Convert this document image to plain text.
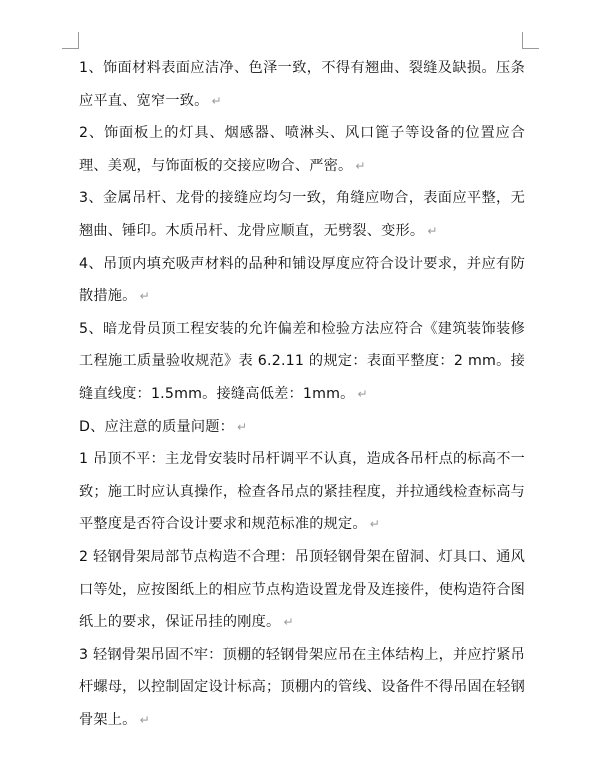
1、饰面材料表面应洁净、色泽一致，不得有翘曲、裂缝及缺损。压条应平直、宽窄一致。 ↵

2、饰面板上的灯具、烟感器、喷淋头、风口篦子等设备的位置应合理、美观，与饰面板的交接应吻合、严密。 ↵

3、金属吊杆、龙骨的接缝应均匀一致，角缝应吻合，表面应平整，无翘曲、锤印。木质吊杆、龙骨应顺直，无劈裂、变形。 ↵

4、吊顶内填充吸声材料的品种和铺设厚度应符合设计要求，并应有防散措施。 ↵

5、暗龙骨员顶工程安装的允许偏差和检验方法应符合《建筑装饰装修工程施工质量验收规范》表 6.2.11 的规定：表面平整度：2 mm。接缝直线度：1.5mm。接缝高低差：1mm。 ↵

D、应注意的质量问题： ↵

1 吊顶不平：主龙骨安装时吊杆调平不认真，造成各吊杆点的标高不一致；施工时应认真操作，检查各吊点的紧挂程度，并拉通线检查标高与平整度是否符合设计要求和规范标准的规定。 ↵

2 轻钢骨架局部节点构造不合理：吊顶轻钢骨架在留洞、灯具口、通风口等处，应按图纸上的相应节点构造设置龙骨及连接件，使构造符合图纸上的要求，保证吊挂的刚度。 ↵

3 轻钢骨架吊固不牢：顶棚的轻钢骨架应吊在主体结构上，并应拧紧吊杆螺母，以控制固定设计标高；顶棚内的管线、设备件不得吊固在轻钢骨架上。 ↵
